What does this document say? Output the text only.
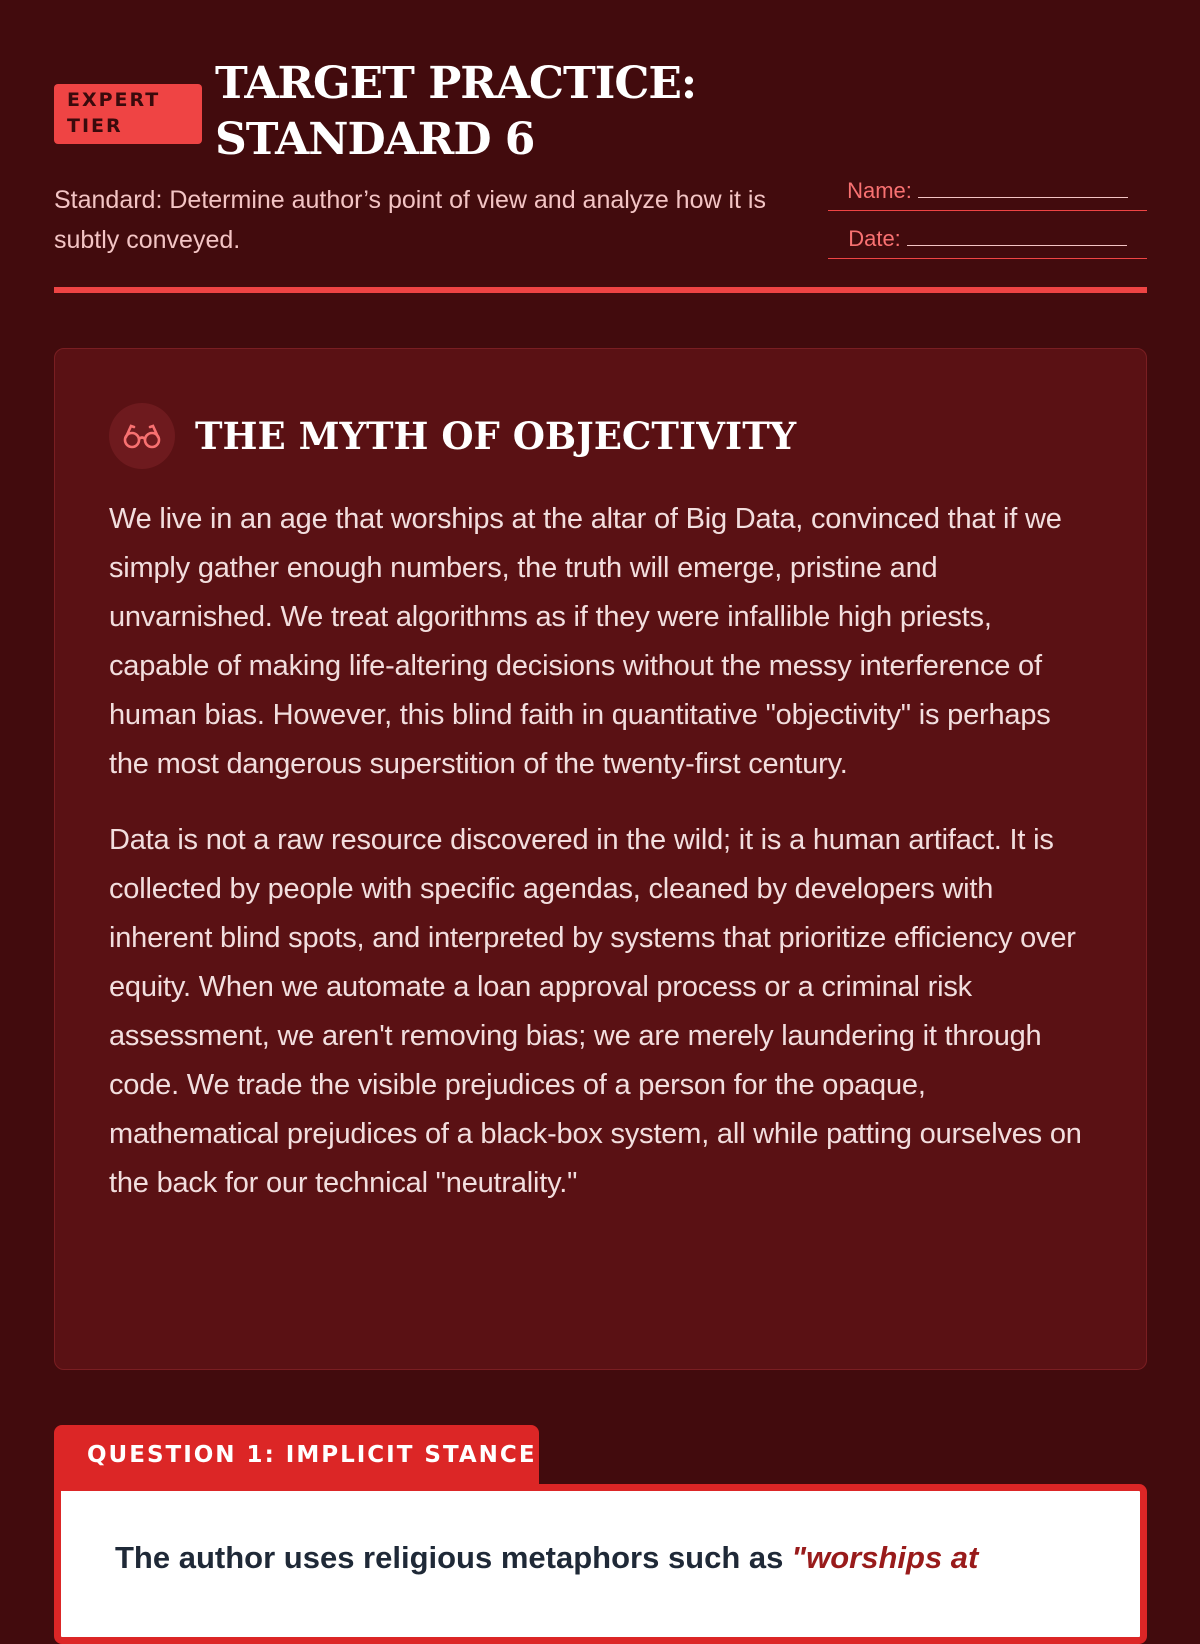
EXPERT TIER
TARGET PRACTICE: STANDARD 6
Standard: Determine author’s point of view and analyze how it is subtly conveyed.
Name:
Date:
THE MYTH OF OBJECTIVITY

We live in an age that worships at the altar of Big Data, convinced that if we simply gather enough numbers, the truth will emerge, pristine and unvarnished. We treat algorithms as if they were infallible high priests, capable of making life-altering decisions without the messy interference of human bias. However, this blind faith in quantitative "objectivity" is perhaps the most dangerous superstition of the twenty-first century.

Data is not a raw resource discovered in the wild; it is a human artifact. It is collected by people with specific agendas, cleaned by developers with inherent blind spots, and interpreted by systems that prioritize efficiency over equity. When we automate a loan approval process or a criminal risk assessment, we aren't removing bias; we are merely laundering it through code. We trade the visible prejudices of a person for the opaque, mathematical prejudices of a black-box system, all while patting ourselves on the back for our technical "neutrality."

QUESTION 1: IMPLICIT STANCE
The author uses religious metaphors such as "worships at
